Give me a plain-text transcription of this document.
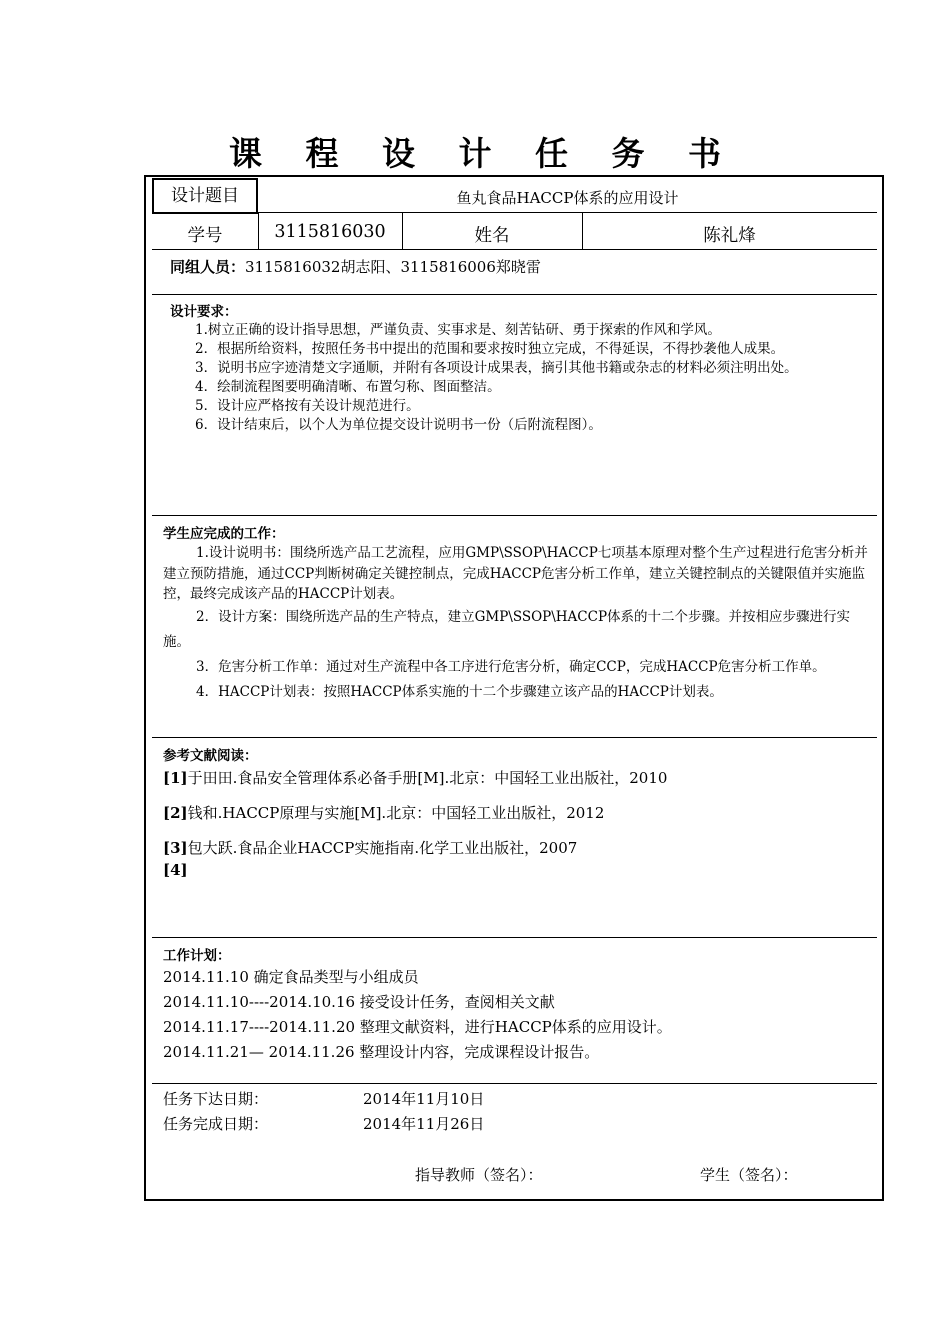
课 程 设 计 任 务 书
设计题目	鱼丸食品HACCP体系的应用设计
学号	3115816030	姓名	陈礼烽
同组人员：3115816032胡志阳、3115816006郑晓雷
设计要求：
1.树立正确的设计指导思想，严谨负责、实事求是、刻苦钻研、勇于探索的作风和学风。
2．根据所给资料，按照任务书中提出的范围和要求按时独立完成，不得延误，不得抄袭他人成果。
3．说明书应字迹清楚文字通顺，并附有各项设计成果表，摘引其他书籍或杂志的材料必须注明出处。
4．绘制流程图要明确清晰、布置匀称、图面整洁。
5．设计应严格按有关设计规范进行。
6．设计结束后，以个人为单位提交设计说明书一份（后附流程图）。
学生应完成的工作：
1.设计说明书：围绕所选产品工艺流程，应用GMP\SSOP\HACCP七项基本原理对整个生产过程进行危害分析并建立预防措施，通过CCP判断树确定关键控制点，完成HACCP危害分析工作单，建立关键控制点的关键限值并实施监控，最终完成该产品的HACCP计划表。
2．设计方案：围绕所选产品的生产特点，建立GMP\SSOP\HACCP体系的十二个步骤。并按相应步骤进行实施。
3．危害分析工作单：通过对生产流程中各工序进行危害分析，确定CCP，完成HACCP危害分析工作单。
4．HACCP计划表：按照HACCP体系实施的十二个步骤建立该产品的HACCP计划表。
参考文献阅读：
[1]于田田.食品安全管理体系必备手册[M].北京：中国轻工业出版社，2010
[2]钱和.HACCP原理与实施[M].北京：中国轻工业出版社，2012
[3]包大跃.食品企业HACCP实施指南.化学工业出版社，2007
[4]
工作计划：
2014.11.10 确定食品类型与小组成员
2014.11.10----2014.10.16 接受设计任务，查阅相关文献
2014.11.17----2014.11.20 整理文献资料，进行HACCP体系的应用设计。
2014.11.21— 2014.11.26 整理设计内容，完成课程设计报告。
任务下达日期：	2014年11月10日
任务完成日期：	2014年11月26日
指导教师（签名）：	学生（签名）：
